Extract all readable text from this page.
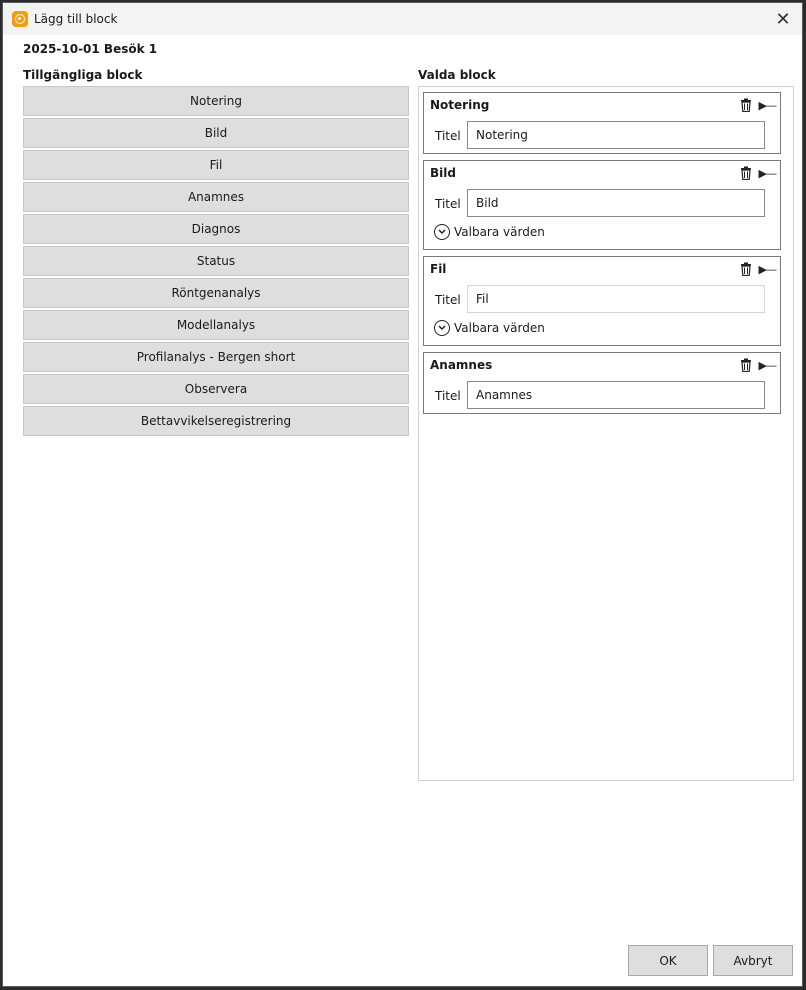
Lägg till block	✕
2025-10-01 Besök 1
Tillgängliga block	Valda block
Notering
Bild
Fil
Anamnes
Diagnos
Status
Röntgenanalys
Modellanalys
Profilanalys - Bergen short
Observera
Bettavvikelseregistrering
Notering	▶—
Titel	Notering
Bild	▶—
Titel	Bild
Valbara värden
Fil	▶—
Titel	Fil
Valbara värden
Anamnes	▶—
Titel	Anamnes
OK	Avbryt
